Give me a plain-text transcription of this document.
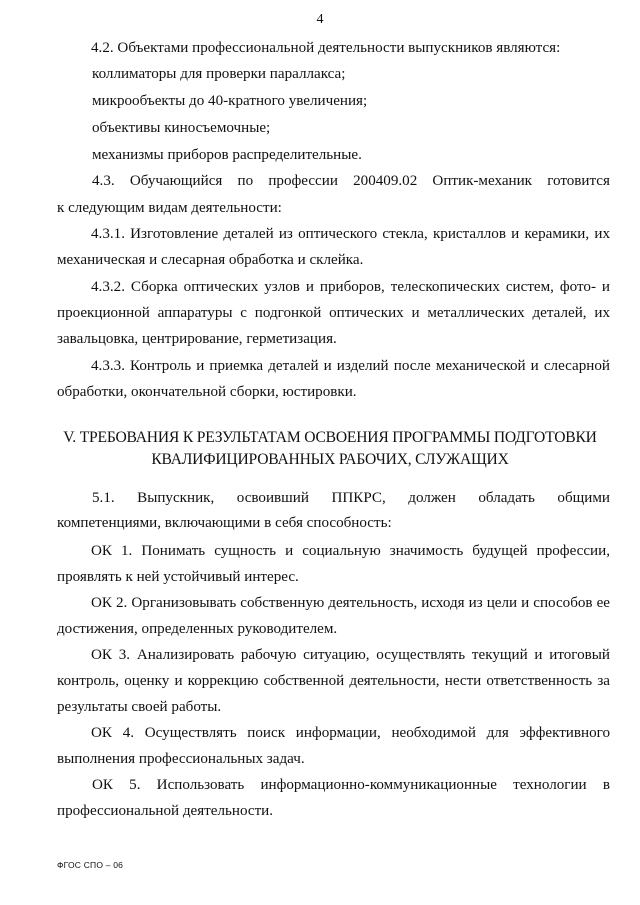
4

4.2. Объектами профессиональной деятельности выпускников являются:

коллиматоры для проверки параллакса;

микрообъекты до 40-кратного увеличения;

объективы киносъемочные;

механизмы приборов распределительные.

4.3. Обучающийся по профессии 200409.02 Оптик-механик готовится

к следующим видам деятельности:

4.3.1. Изготовление деталей из оптического стекла, кристаллов и керамики, их механическая и слесарная обработка и склейка.

4.3.2. Сборка оптических узлов и приборов, телескопических систем, фото- и проекционной аппаратуры с подгонкой оптических и металлических деталей, их завальцовка, центрирование, герметизация.

4.3.3. Контроль и приемка деталей и изделий после механической и слесарной обработки, окончательной сборки, юстировки.

V. ТРЕБОВАНИЯ К РЕЗУЛЬТАТАМ ОСВОЕНИЯ ПРОГРАММЫ ПОДГОТОВКИ

КВАЛИФИЦИРОВАННЫХ РАБОЧИХ, СЛУЖАЩИХ

5.1. Выпускник, освоивший ППКРС, должен обладать общими

компетенциями, включающими в себя способность:

ОК 1. Понимать сущность и социальную значимость будущей профессии, проявлять к ней устойчивый интерес.

ОК 2. Организовывать собственную деятельность, исходя из цели и способов ее достижения, определенных руководителем.

ОК 3. Анализировать рабочую ситуацию, осуществлять текущий и итоговый контроль, оценку и коррекцию собственной деятельности, нести ответственность за результаты своей работы.

ОК 4. Осуществлять поиск информации, необходимой для эффективного выполнения профессиональных задач.

ОК 5. Использовать информационно-коммуникационные технологии в

профессиональной деятельности.

ФГОС СПО – 06
